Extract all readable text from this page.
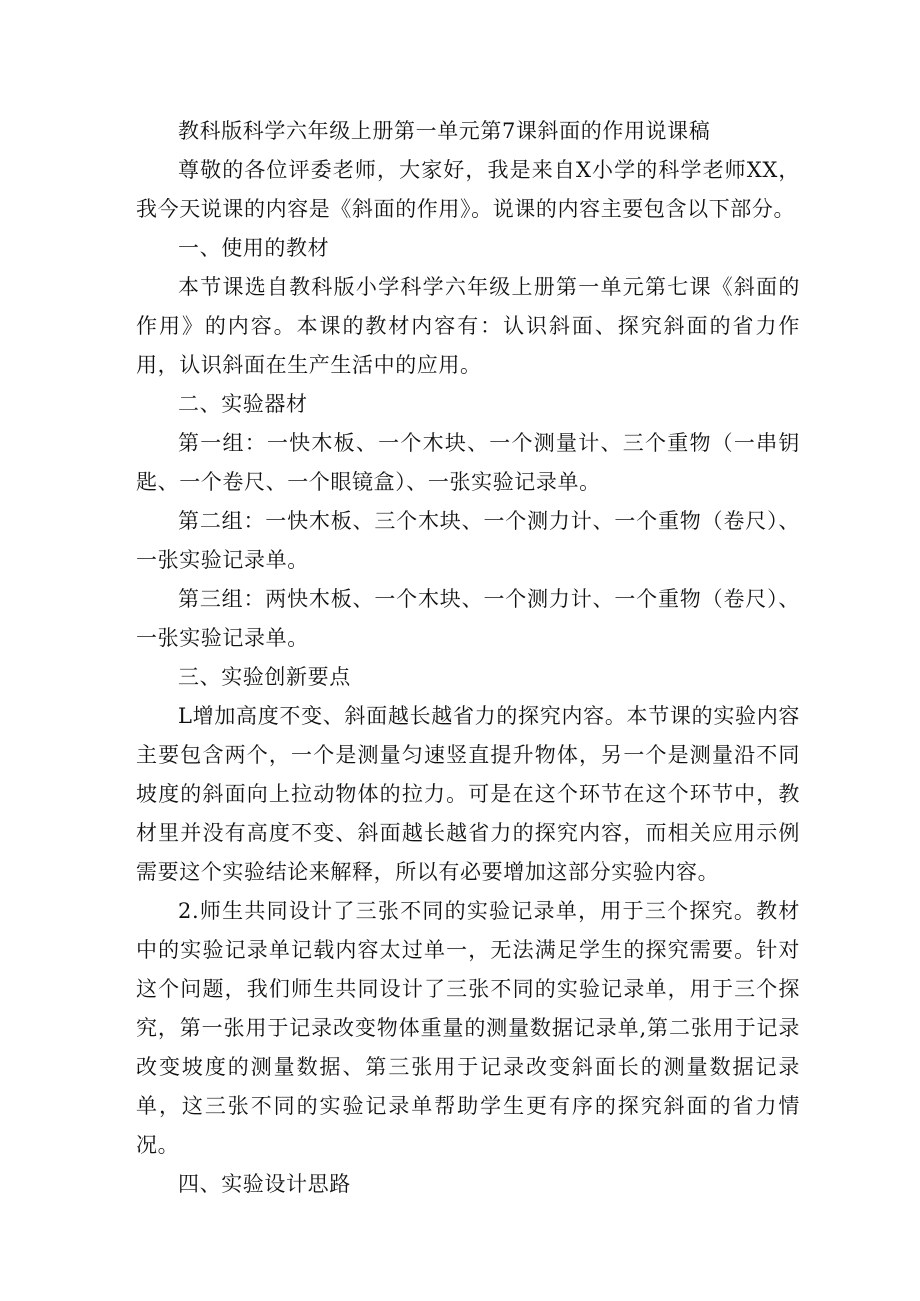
教科版科学六年级上册第一单元第7课斜面的作用说课稿

尊敬的各位评委老师，大家好，我是来自X小学的科学老师XX，我今天说课的内容是《斜面的作用》。说课的内容主要包含以下部分。

一、使用的教材

本节课选自教科版小学科学六年级上册第一单元第七课《斜面的作用》的内容。本课的教材内容有：认识斜面、探究斜面的省力作用，认识斜面在生产生活中的应用。

二、实验器材

第一组：一快木板、一个木块、一个测量计、三个重物（一串钥匙、一个卷尺、一个眼镜盒）、一张实验记录单。

第二组：一快木板、三个木块、一个测力计、一个重物（卷尺）、一张实验记录单。

第三组：两快木板、一个木块、一个测力计、一个重物（卷尺）、一张实验记录单。

三、实验创新要点

L增加高度不变、斜面越长越省力的探究内容。本节课的实验内容主要包含两个，一个是测量匀速竖直提升物体，另一个是测量沿不同坡度的斜面向上拉动物体的拉力。可是在这个环节在这个环节中，教材里并没有高度不变、斜面越长越省力的探究内容，而相关应用示例需要这个实验结论来解释，所以有必要增加这部分实验内容。

2.师生共同设计了三张不同的实验记录单，用于三个探究。教材中的实验记录单记载内容太过单一，无法满足学生的探究需要。针对这个问题，我们师生共同设计了三张不同的实验记录单，用于三个探究，第一张用于记录改变物体重量的测量数据记录单,第二张用于记录改变坡度的测量数据、第三张用于记录改变斜面长的测量数据记录单，这三张不同的实验记录单帮助学生更有序的探究斜面的省力情况。

四、实验设计思路
